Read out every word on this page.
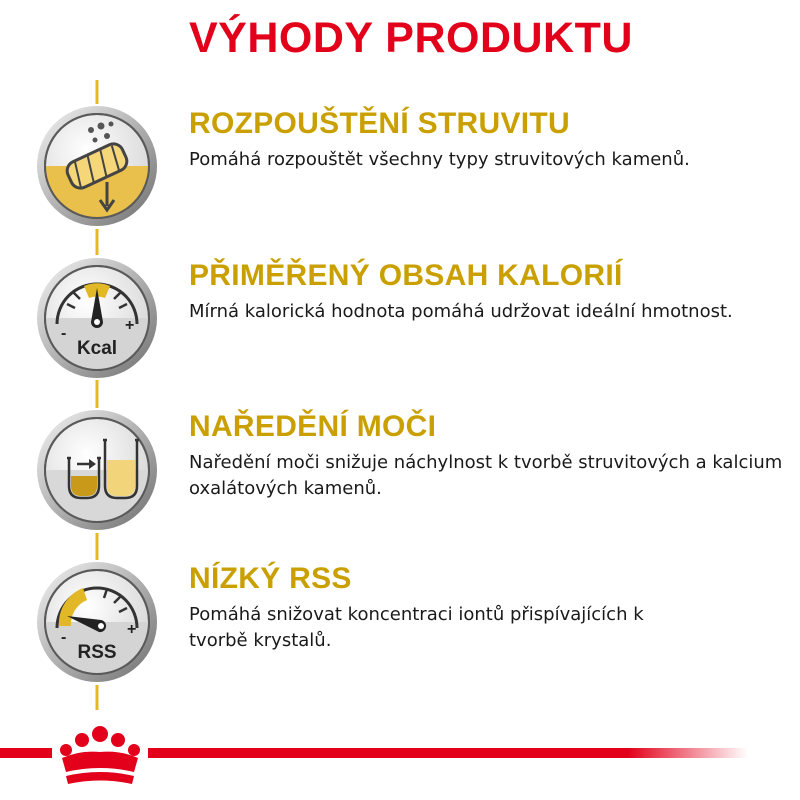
VÝHODY PRODUKTU
-	+
Kcal
-	+
RSS
ROZPOUŠTĚNÍ STRUVITU

Pomáhá rozpouštět všechny typy struvitových kamenů.

PŘIMĚŘENÝ OBSAH KALORIÍ

Mírná kalorická hodnota pomáhá udržovat ideální hmotnost.

NAŘEDĚNÍ MOČI

Naředění moči snižuje náchylnost k tvorbě struvitových a kalcium oxalátových kamenů.

NÍZKÝ RSS

Pomáhá snižovat koncentraci iontů přispívajících k tvorbě krystalů.
